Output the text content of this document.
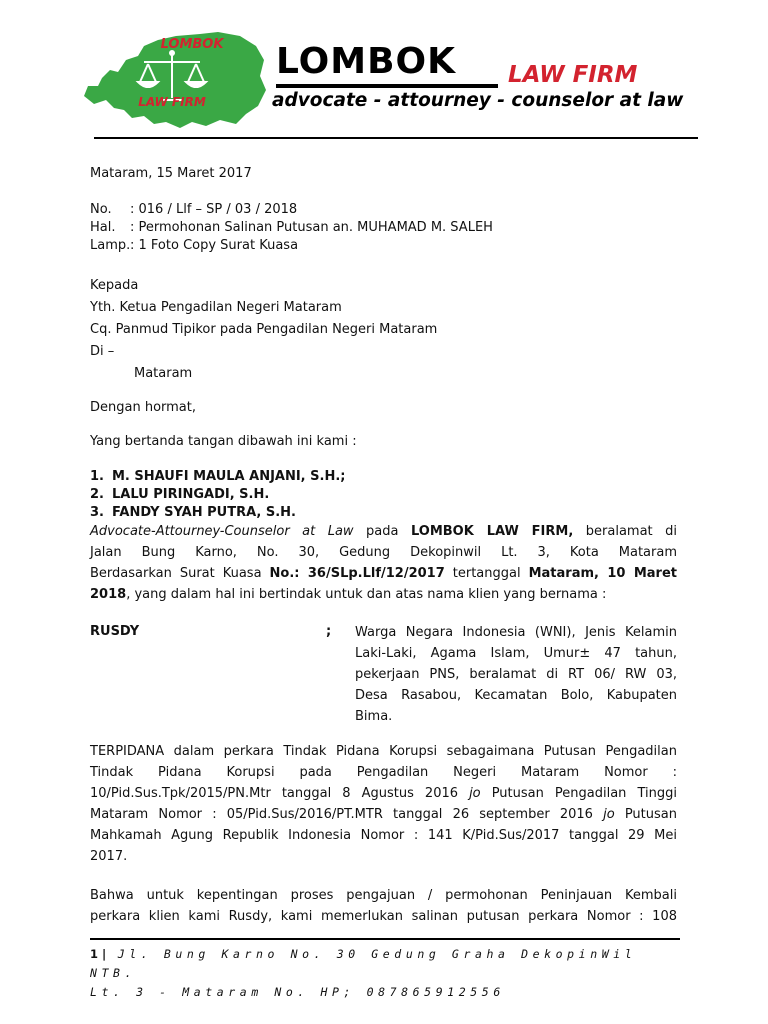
LOMBOK
LAW FIRM
LOMBOK LAW FIRM
advocate - attourney - counselor at law
Mataram, 15 Maret 2017
No. : 016 / Llf – SP / 03 / 2018
Hal. : Permohonan Salinan Putusan an. MUHAMAD M. SALEH
Lamp.: 1 Foto Copy Surat Kuasa
Kepada
Yth. Ketua Pengadilan Negeri Mataram
Cq. Panmud Tipikor pada Pengadilan Negeri Mataram
Di –
Mataram
Dengan hormat,
Yang bertanda tangan dibawah ini kami :
1. M. SHAUFI MAULA ANJANI, S.H.;
2. LALU PIRINGADI, S.H.
3. FANDY SYAH PUTRA, S.H.
Advocate-Attourney-Counselor at Law pada LOMBOK LAW FIRM, beralamat di
Jalan Bung Karno, No. 30, Gedung Dekopinwil Lt. 3, Kota Mataram
Berdasarkan Surat Kuasa No.: 36/SLp.Llf/12/2017 tertanggal Mataram, 10 Maret
2018, yang dalam hal ini bertindak untuk dan atas nama klien yang bernama :
RUSDY	; Warga Negara Indonesia (WNI), Jenis Kelamin
Laki-Laki, Agama Islam, Umur± 47 tahun,
pekerjaan PNS, beralamat di RT 06/ RW 03,
Desa Rasabou, Kecamatan Bolo, Kabupaten
Bima.
TERPIDANA dalam perkara Tindak Pidana Korupsi sebagaimana Putusan Pengadilan
Tindak Pidana Korupsi pada Pengadilan Negeri Mataram Nomor :
10/Pid.Sus.Tpk/2015/PN.Mtr tanggal 8 Agustus 2016 jo Putusan Pengadilan Tinggi
Mataram Nomor : 05/Pid.Sus/2016/PT.MTR tanggal 26 september 2016 jo Putusan
Mahkamah Agung Republik Indonesia Nomor : 141 K/Pid.Sus/2017 tanggal 29 Mei
2017.
Bahwa untuk kepentingan proses pengajuan / permohonan Peninjauan Kembali
perkara klien kami Rusdy, kami memerlukan salinan putusan perkara Nomor : 108
1 | Jl. Bung Karno No. 30 Gedung Graha DekopinWil NTB.
Lt. 3 - Mataram No. HP; 087865912556
